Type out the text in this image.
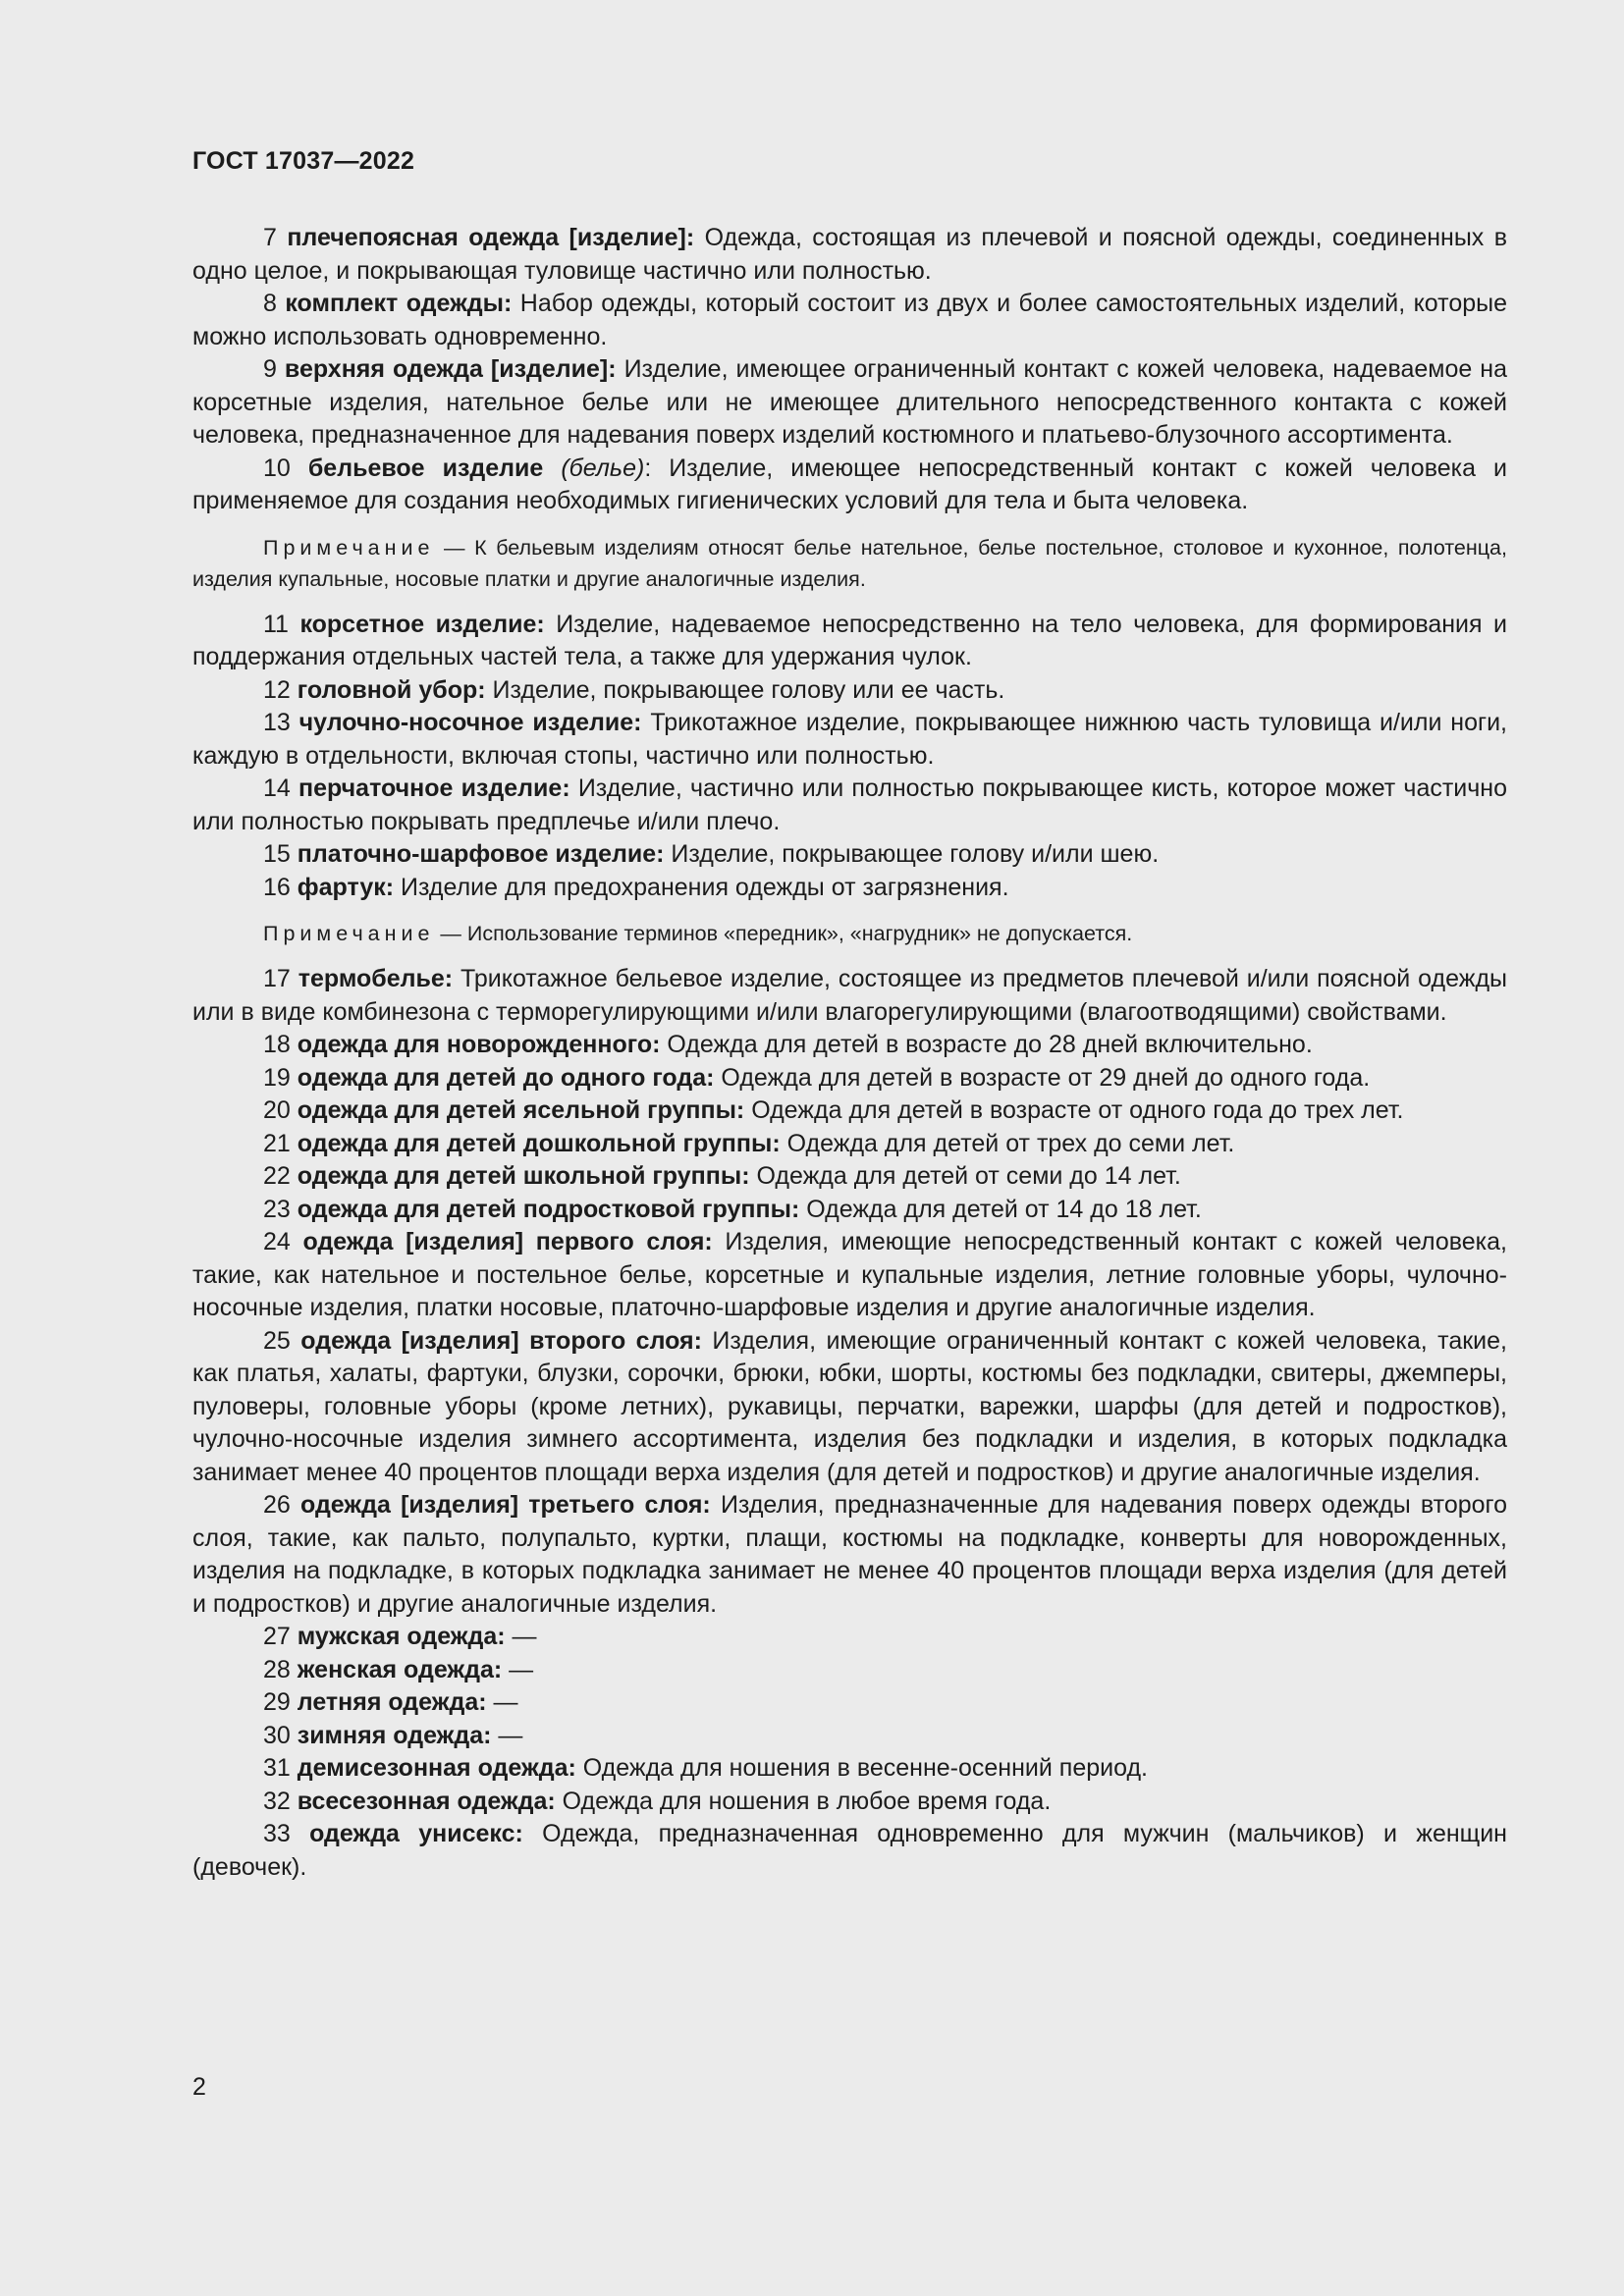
ГОСТ 17037—2022

7 плечепоясная одежда [изделие]: Одежда, состоящая из плечевой и поясной одежды, соединенных в одно целое, и покрывающая туловище частично или полностью.

8 комплект одежды: Набор одежды, который состоит из двух и более самостоятельных изделий, которые можно использовать одновременно.

9 верхняя одежда [изделие]: Изделие, имеющее ограниченный контакт с кожей человека, надеваемое на корсетные изделия, нательное белье или не имеющее длительного непосредственного контакта с кожей человека, предназначенное для надевания поверх изделий костюмного и платьево-блузочного ассортимента.

10 бельевое изделие (белье): Изделие, имеющее непосредственный контакт с кожей человека и применяемое для создания необходимых гигиенических условий для тела и быта человека.

Примечание — К бельевым изделиям относят белье нательное, белье постельное, столовое и кухонное, полотенца, изделия купальные, носовые платки и другие аналогичные изделия.

11 корсетное изделие: Изделие, надеваемое непосредственно на тело человека, для формирования и поддержания отдельных частей тела, а также для удержания чулок.

12 головной убор: Изделие, покрывающее голову или ее часть.

13 чулочно-носочное изделие: Трикотажное изделие, покрывающее нижнюю часть туловища и/или ноги, каждую в отдельности, включая стопы, частично или полностью.

14 перчаточное изделие: Изделие, частично или полностью покрывающее кисть, которое может частично или полностью покрывать предплечье и/или плечо.

15 платочно-шарфовое изделие: Изделие, покрывающее голову и/или шею.

16 фартук: Изделие для предохранения одежды от загрязнения.

Примечание — Использование терминов «передник», «нагрудник» не допускается.

17 термобелье: Трикотажное бельевое изделие, состоящее из предметов плечевой и/или поясной одежды или в виде комбинезона с терморегулирующими и/или влагорегулирующими (влагоотводящими) свойствами.

18 одежда для новорожденного: Одежда для детей в возрасте до 28 дней включительно.

19 одежда для детей до одного года: Одежда для детей в возрасте от 29 дней до одного года.

20 одежда для детей ясельной группы: Одежда для детей в возрасте от одного года до трех лет.

21 одежда для детей дошкольной группы: Одежда для детей от трех до семи лет.

22 одежда для детей школьной группы: Одежда для детей от семи до 14 лет.

23 одежда для детей подростковой группы: Одежда для детей от 14 до 18 лет.

24 одежда [изделия] первого слоя: Изделия, имеющие непосредственный контакт с кожей человека, такие, как нательное и постельное белье, корсетные и купальные изделия, летние головные уборы, чулочно-носочные изделия, платки носовые, платочно-шарфовые изделия и другие аналогичные изделия.

25 одежда [изделия] второго слоя: Изделия, имеющие ограниченный контакт с кожей человека, такие, как платья, халаты, фартуки, блузки, сорочки, брюки, юбки, шорты, костюмы без подкладки, свитеры, джемперы, пуловеры, головные уборы (кроме летних), рукавицы, перчатки, варежки, шарфы (для детей и подростков), чулочно-носочные изделия зимнего ассортимента, изделия без подкладки и изделия, в которых подкладка занимает менее 40 процентов площади верха изделия (для детей и подростков) и другие аналогичные изделия.

26 одежда [изделия] третьего слоя: Изделия, предназначенные для надевания поверх одежды второго слоя, такие, как пальто, полупальто, куртки, плащи, костюмы на подкладке, конверты для новорожденных, изделия на подкладке, в которых подкладка занимает не менее 40 процентов площади верха изделия (для детей и подростков) и другие аналогичные изделия.

27 мужская одежда: —

28 женская одежда: —

29 летняя одежда: —

30 зимняя одежда: —

31 демисезонная одежда: Одежда для ношения в весенне-осенний период.

32 всесезонная одежда: Одежда для ношения в любое время года.

33 одежда унисекс: Одежда, предназначенная одновременно для мужчин (мальчиков) и женщин (девочек).

2
